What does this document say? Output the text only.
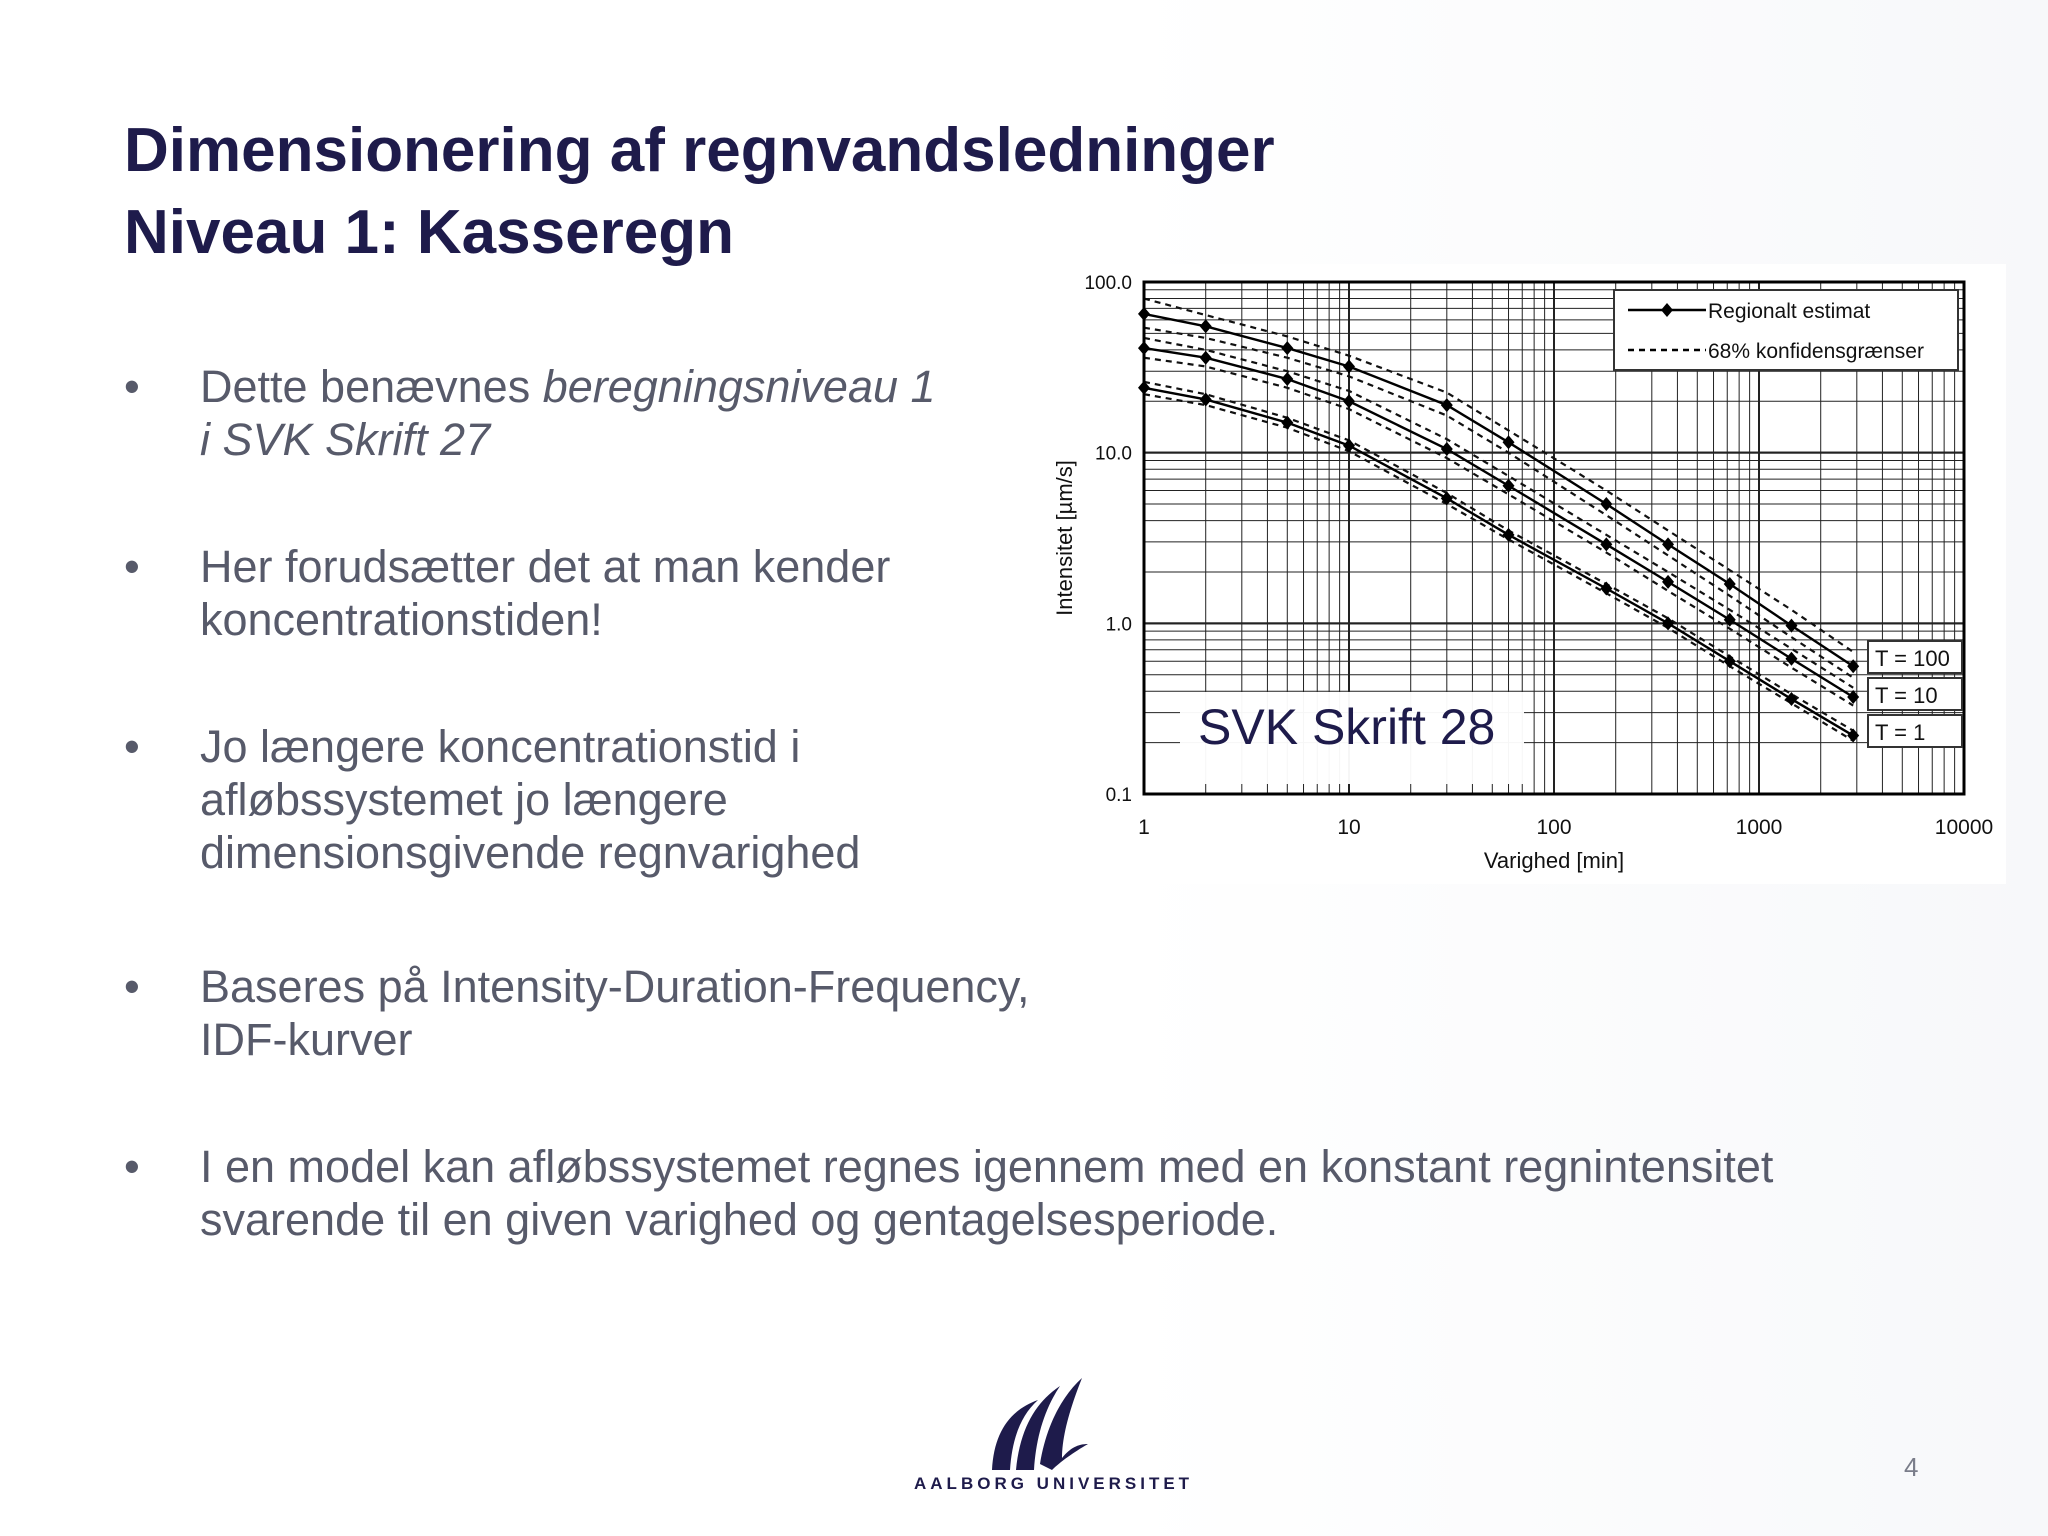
Dimensionering af regnvandsledninger
Niveau 1: Kasseregn
•	Dette benævnes beregningsniveau 1
i SVK Skrift 27
•	Her forudsætter det at man kender
koncentrationstiden!
•	Jo længere koncentrationstid i
afløbssystemet jo længere
dimensionsgivende regnvarighed
•	Baseres på Intensity-Duration-Frequency,
IDF-kurver
•	I en model kan afløbssystemet regnes igennem med en konstant regnintensitet
svarende til en given varighed og gentagelsesperiode.
1	10	100	1000	10000
0.1
1.0
10.0
100.0
Varighed [min]
Intensitet [µm/s]
Regionalt estimat
68% konfidensgrænser
T = 100
T = 10
T = 1
SVK Skrift 28
AALBORG UNIVERSITET
4
